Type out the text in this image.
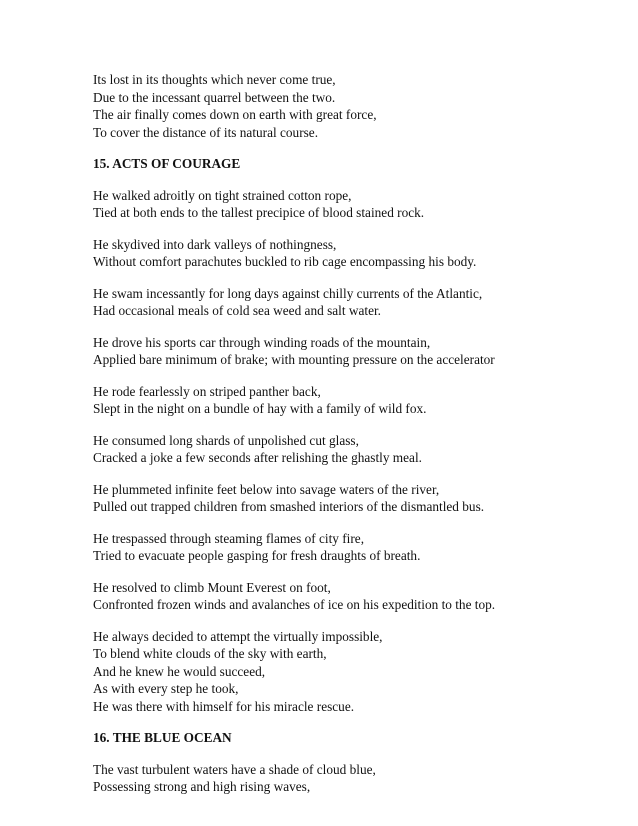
Its lost in its thoughts which never come true,
Due to the incessant quarrel between the two.
The air finally comes down on earth with great force,
To cover the distance of its natural course.
15. ACTS OF COURAGE
He walked adroitly on tight strained cotton rope,
Tied at both ends to the tallest precipice of blood stained rock.
He skydived into dark valleys of nothingness,
Without comfort parachutes buckled to rib cage encompassing his body.
He swam incessantly for long days against chilly currents of the Atlantic,
Had occasional meals of cold sea weed and salt water.
He drove his sports car through winding roads of the mountain,
Applied bare minimum of brake; with mounting pressure on the accelerator
He rode fearlessly on striped panther back,
Slept in the night on a bundle of hay with a family of wild fox.
He consumed long shards of unpolished cut glass,
Cracked a joke a few seconds after relishing the ghastly meal.
He plummeted infinite feet below into savage waters of the river,
Pulled out trapped children from smashed interiors of the dismantled bus.
He trespassed through steaming flames of city fire,
Tried to evacuate people gasping for fresh draughts of breath.
He resolved to climb Mount Everest on foot,
Confronted frozen winds and avalanches of ice on his expedition to the top.
He always decided to attempt the virtually impossible,
To blend white clouds of the sky with earth,
And he knew he would succeed,
As with every step he took,
He was there with himself for his miracle rescue.
16. THE BLUE OCEAN
The vast turbulent waters have a shade of cloud blue,
Possessing strong and high rising waves,
